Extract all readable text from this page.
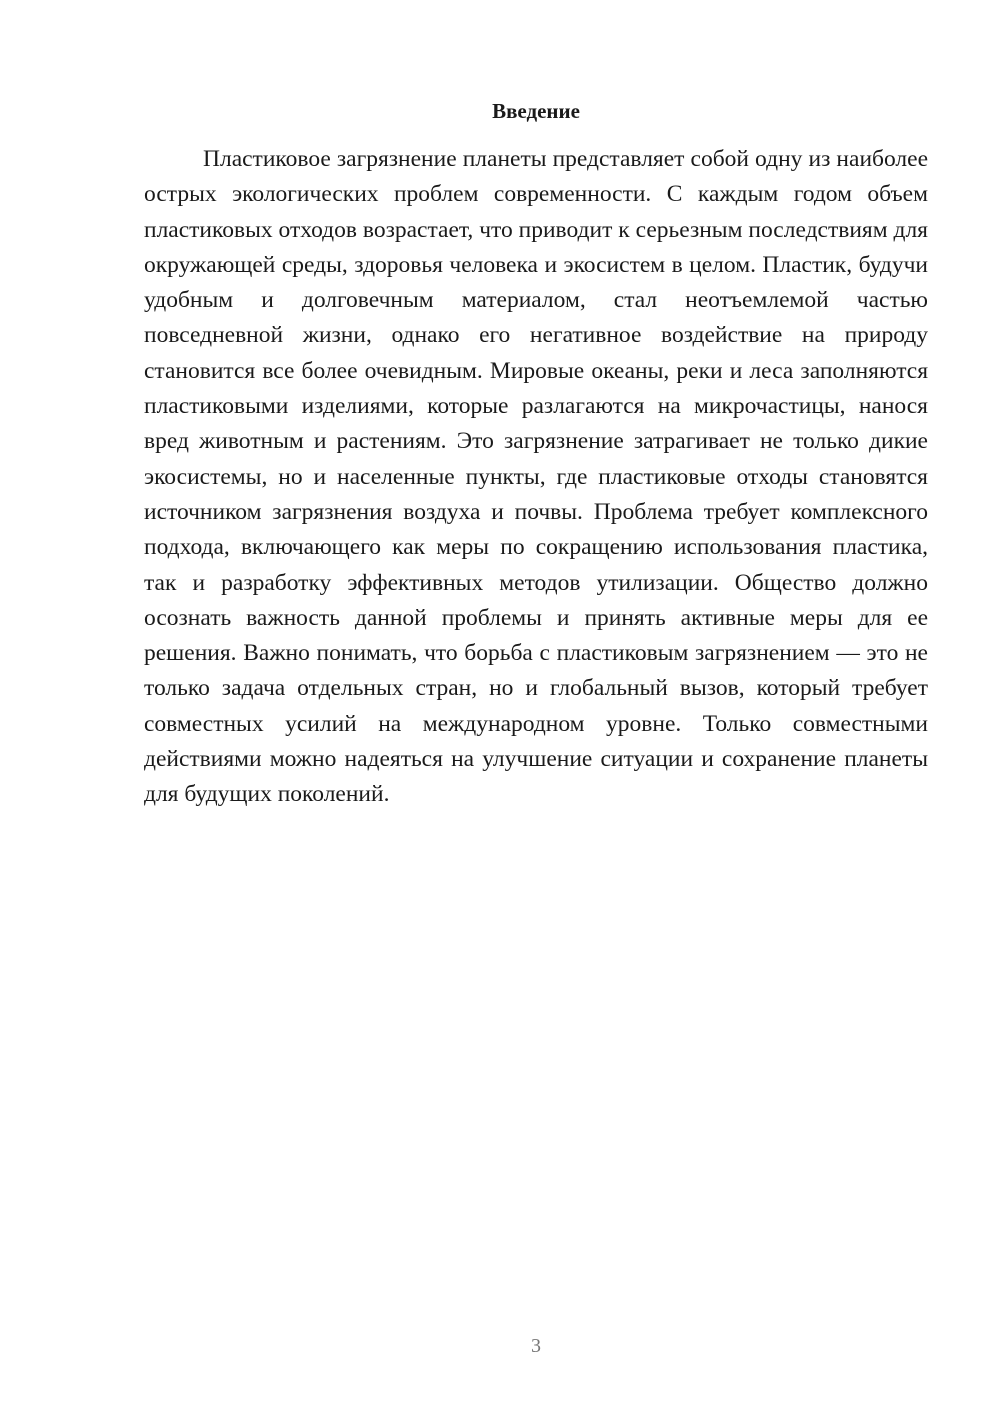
Введение

Пластиковое загрязнение планеты представляет собой одну из наиболее острых экологических проблем современности. С каждым годом объем пластиковых отходов возрастает, что приводит к серьезным последствиям для окружающей среды, здоровья человека и экосистем в целом. Пластик, будучи удобным и долговечным материалом, стал неотъемлемой частью повседневной жизни, однако его негативное воздействие на природу становится все более очевидным. Мировые океаны, реки и леса заполняются пластиковыми изделиями, которые разлагаются на микрочастицы, нанося вред животным и растениям. Это загрязнение затрагивает не только дикие экосистемы, но и населенные пункты, где пластиковые отходы становятся источником загрязнения воздуха и почвы. Проблема требует комплексного подхода, включающего как меры по сокращению использования пластика, так и разработку эффективных методов утилизации. Общество должно осознать важность данной проблемы и принять активные меры для ее решения. Важно понимать, что борьба с пластиковым загрязнением — это не только задача отдельных стран, но и глобальный вызов, который требует совместных усилий на международном уровне. Только совместными действиями можно надеяться на улучшение ситуации и сохранение планеты для будущих поколений.

3
